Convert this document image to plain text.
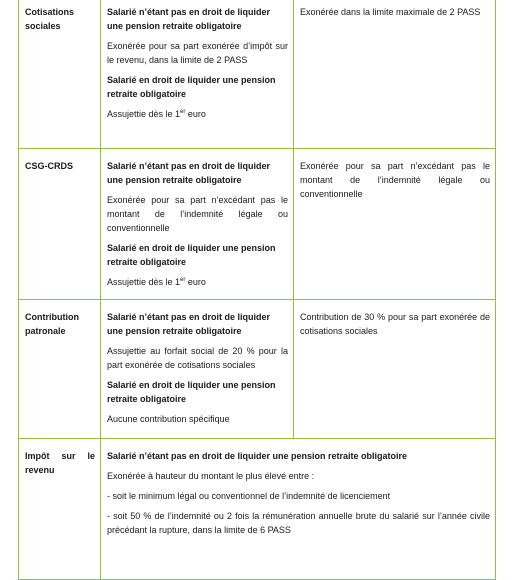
Cotisations sociales	Salarié n’étant pas en droit de liquider une pension retraite obligatoire

Exonérée pour sa part exonérée d’impôt sur le revenu, dans la limite de 2 PASS

Salarié en droit de liquider une pension retraite obligatoire

Assujettie dès le 1er euro	Exonérée dans la limite maximale de 2 PASS

CSG-CRDS	Salarié n’étant pas en droit de liquider une pension retraite obligatoire

Exonérée pour sa part n’excédant pas le montant de l’indemnité légale ou conventionnelle

Salarié en droit de liquider une pension retraite obligatoire

Assujettie dès le 1er euro	Exonérée pour sa part n’excédant pas le montant de l’indemnité légale ou conventionnelle

Contribution patronale	Salarié n’étant pas en droit de liquider une pension retraite obligatoire

Assujettie au forfait social de 20 % pour la part exonérée de cotisations sociales

Salarié en droit de liquider une pension retraite obligatoire

Aucune contribution spécifique	Contribution de 30 % pour sa part exonérée de cotisations sociales

Impôt sur le revenu	Salarié n’étant pas en droit de liquider une pension retraite obligatoire

Exonérée à hauteur du montant le plus élevé entre :

- soit le minimum légal ou conventionnel de l’indemnité de licenciement

- soit 50 % de l’indemnité ou 2 fois la rémunération annuelle brute du salarié sur l’année civile précédant la rupture, dans la limite de 6 PASS	
